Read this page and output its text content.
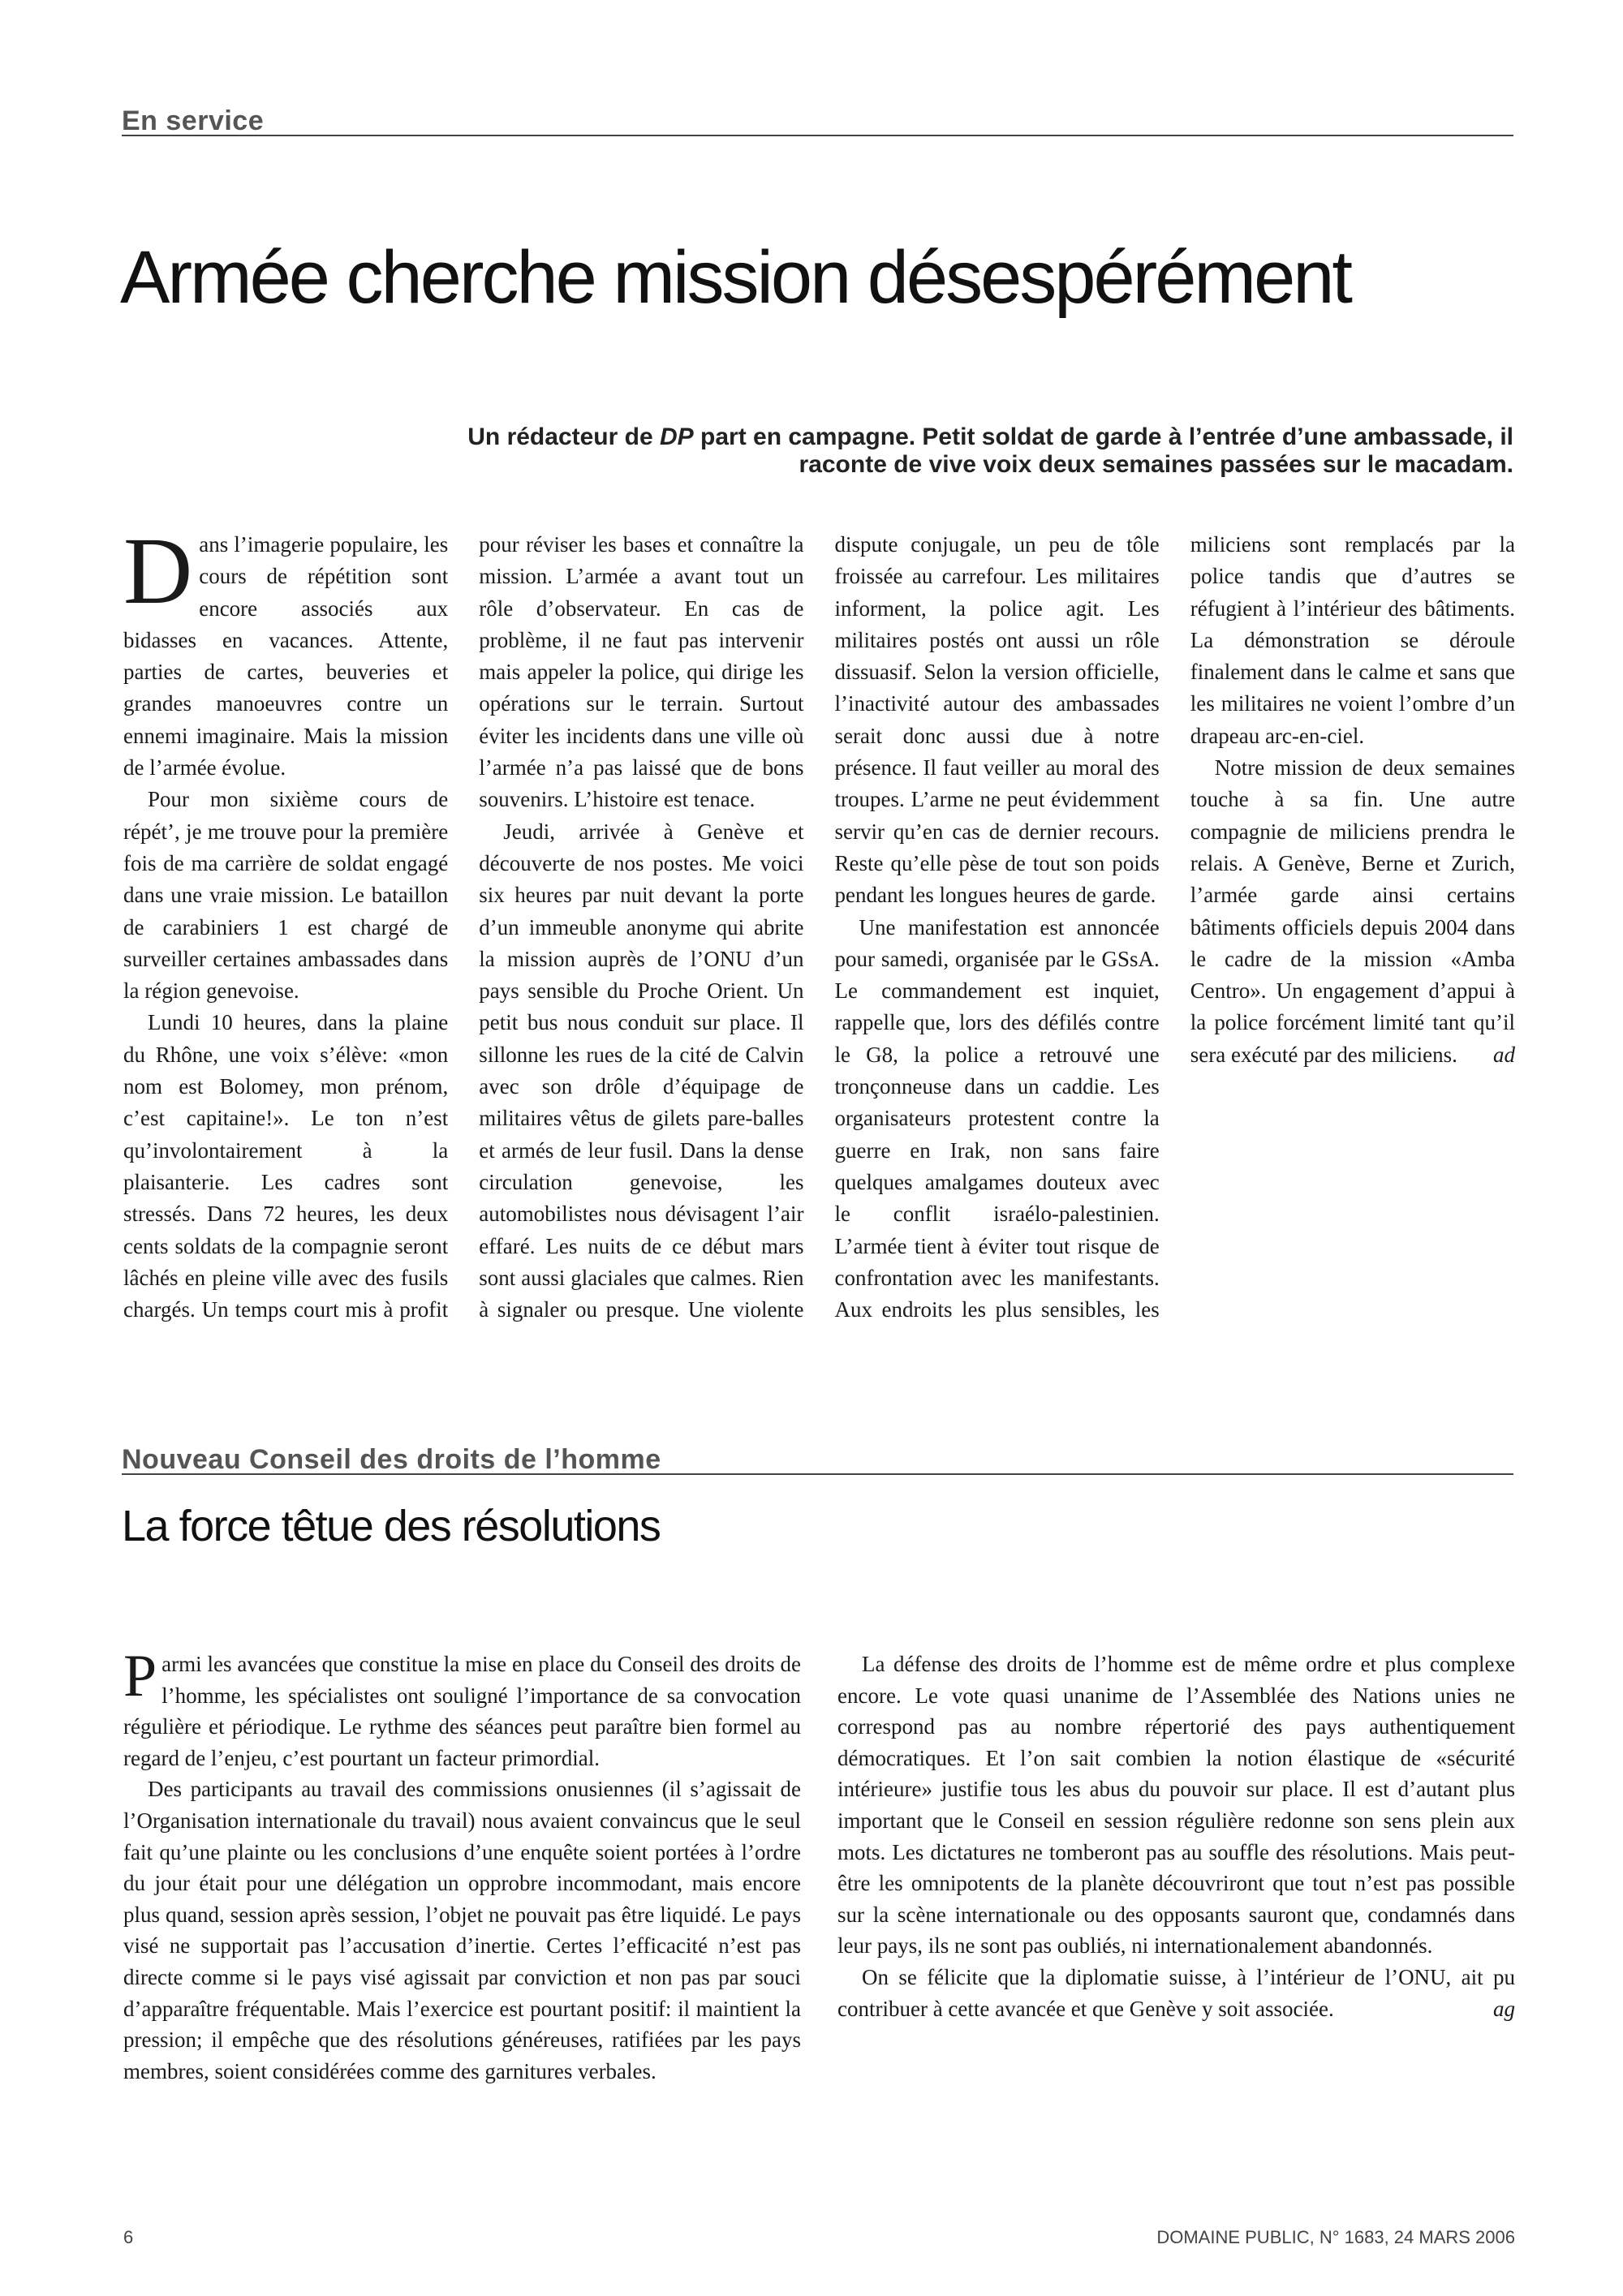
En service
Armée cherche mission désespérément
Un rédacteur de DP part en campagne. Petit soldat de garde à l’entrée d’une ambassade, il raconte de vive voix deux semaines passées sur le macadam.

Dans l’imagerie populaire, les cours de répétition sont encore associés aux bidasses en vacances. Attente, parties de cartes, beuveries et grandes manoeuvres contre un ennemi imaginaire. Mais la mission de l’armée évolue.

Pour mon sixième cours de répét’, je me trouve pour la première fois de ma carrière de soldat engagé dans une vraie mission. Le bataillon de carabiniers 1 est chargé de surveiller certaines ambassades dans la région genevoise.

Lundi 10 heures, dans la plaine du Rhône, une voix s’élève: «mon nom est Bolomey, mon prénom, c’est capitaine!». Le ton n’est qu’involontairement à la plaisanterie. Les cadres sont stressés. Dans 72 heures, les deux cents soldats de la compagnie seront lâchés en pleine ville avec des fusils chargés. Un temps court mis à profit pour réviser les bases et connaître la mission. L’armée a avant tout un rôle d’observateur. En cas de problème, il ne faut pas intervenir mais appeler la police, qui dirige les opérations sur le terrain. Surtout éviter les incidents dans une ville où l’armée n’a pas laissé que de bons souvenirs. L’histoire est tenace.

Jeudi, arrivée à Genève et découverte de nos postes. Me voici six heures par nuit devant la porte d’un immeuble anonyme qui abrite la mission auprès de l’ONU d’un pays sensible du Proche Orient. Un petit bus nous conduit sur place. Il sillonne les rues de la cité de Calvin avec son drôle d’équipage de militaires vêtus de gilets pare-balles et armés de leur fusil. Dans la dense circulation genevoise, les automobilistes nous dévisagent l’air effaré. Les nuits de ce début mars sont aussi glaciales que calmes. Rien à signaler ou presque. Une violente dispute conjugale, un peu de tôle froissée au carrefour. Les militaires informent, la police agit. Les militaires postés ont aussi un rôle dissuasif. Selon la version officielle, l’inactivité autour des ambassades serait donc aussi due à notre présence. Il faut veiller au moral des troupes. L’arme ne peut évidemment servir qu’en cas de dernier recours. Reste qu’elle pèse de tout son poids pendant les longues heures de garde.

Une manifestation est annoncée pour samedi, organisée par le GSsA. Le commandement est inquiet, rappelle que, lors des défilés contre le G8, la police a retrouvé une tronçonneuse dans un caddie. Les organisateurs protestent contre la guerre en Irak, non sans faire quelques amalgames douteux avec le conflit israélo-palestinien. L’armée tient à éviter tout risque de confrontation avec les manifestants. Aux endroits les plus sensibles, les miliciens sont remplacés par la police tandis que d’autres se réfugient à l’intérieur des bâtiments. La démonstration se déroule finalement dans le calme et sans que les militaires ne voient l’ombre d’un drapeau arc-en-ciel.

Notre mission de deux semaines touche à sa fin. Une autre compagnie de miliciens prendra le relais. A Genève, Berne et Zurich, l’armée garde ainsi certains bâtiments officiels depuis 2004 dans le cadre de la mission «Amba Centro». Un engagement d’appui à la police forcément limité tant qu’il sera exécuté par des miliciens.	ad

Nouveau Conseil des droits de l’homme
La force têtue des résolutions

Parmi les avancées que constitue la mise en place du Conseil des droits de l’homme, les spécialistes ont souligné l’importance de sa convocation régulière et périodique. Le rythme des séances peut paraître bien formel au regard de l’enjeu, c’est pourtant un facteur primordial.

Des participants au travail des commissions onusiennes (il s’agissait de l’Organisation internationale du travail) nous avaient convaincus que le seul fait qu’une plainte ou les conclusions d’une enquête soient portées à l’ordre du jour était pour une délégation un opprobre incommodant, mais encore plus quand, session après session, l’objet ne pouvait pas être liquidé. Le pays visé ne supportait pas l’accusation d’inertie. Certes l’efficacité n’est pas directe comme si le pays visé agissait par conviction et non pas par souci d’apparaître fréquentable. Mais l’exercice est pourtant positif: il maintient la pression; il empêche que des résolutions généreuses, ratifiées par les pays membres, soient considérées comme des garnitures verbales.

La défense des droits de l’homme est de même ordre et plus complexe encore. Le vote quasi unanime de l’Assemblée des Nations unies ne correspond pas au nombre répertorié des pays authentiquement démocratiques. Et l’on sait combien la notion élastique de «sécurité intérieure» justifie tous les abus du pouvoir sur place. Il est d’autant plus important que le Conseil en session régulière redonne son sens plein aux mots. Les dictatures ne tomberont pas au souffle des résolutions. Mais peut-être les omnipotents de la planète découvriront que tout n’est pas possible sur la scène internationale ou des opposants sauront que, condamnés dans leur pays, ils ne sont pas oubliés, ni internationalement abandonnés.

On se félicite que la diplomatie suisse, à l’intérieur de l’ONU, ait pu contribuer à cette avancée et que Genève y soit associée.	ag

6	DOMAINE PUBLIC, N° 1683, 24 MARS 2006
